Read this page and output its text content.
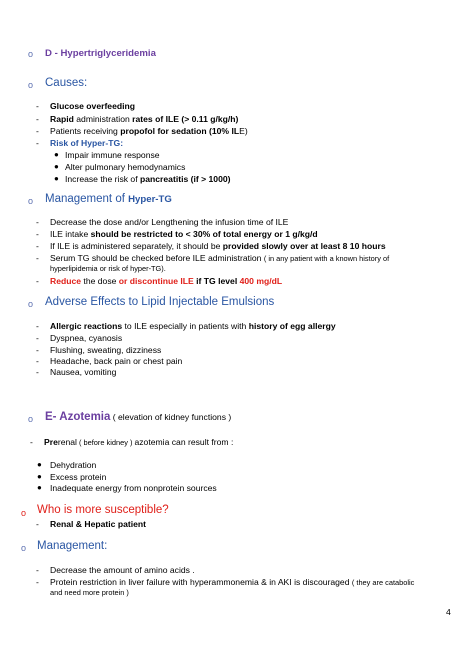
o D - Hypertriglyceridemia
o Causes:
- Glucose overfeeding
- Rapid administration rates of ILE (> 0.11 g/kg/h)
- Patients receiving propofol for sedation (10% ILE)
- Risk of Hyper-TG:
● Impair immune response
● Alter pulmonary hemodynamics
● Increase the risk of pancreatitis (if > 1000)
o Management of Hyper-TG
- Decrease the dose and/or Lengthening the infusion time of ILE
- ILE intake should be restricted to < 30% of total energy or 1 g/kg/d
- If ILE is administered separately, it should be provided slowly over at least 8 10 hours
- Serum TG should be checked before ILE administration ( in any patient with a known history of
hyperlipidemia or risk of hyper-TG).
- Reduce the dose or discontinue ILE if TG level 400 mg/dL
o Adverse Effects to Lipid Injectable Emulsions
- Allergic reactions to ILE especially in patients with history of egg allergy
- Dyspnea, cyanosis
- Flushing, sweating, dizziness
- Headache, back pain or chest pain
- Nausea, vomiting
o E- Azotemia ( elevation of kidney functions )
- Prerenal ( before kidney ) azotemia can result from :
● Dehydration
● Excess protein
● Inadequate energy from nonprotein sources
o Who is more susceptible?
- Renal & Hepatic patient
o Management:
- Decrease the amount of amino acids .
- Protein restriction in liver failure with hyperammonemia & in AKI is discouraged ( they are catabolic
and need more protein )
4
